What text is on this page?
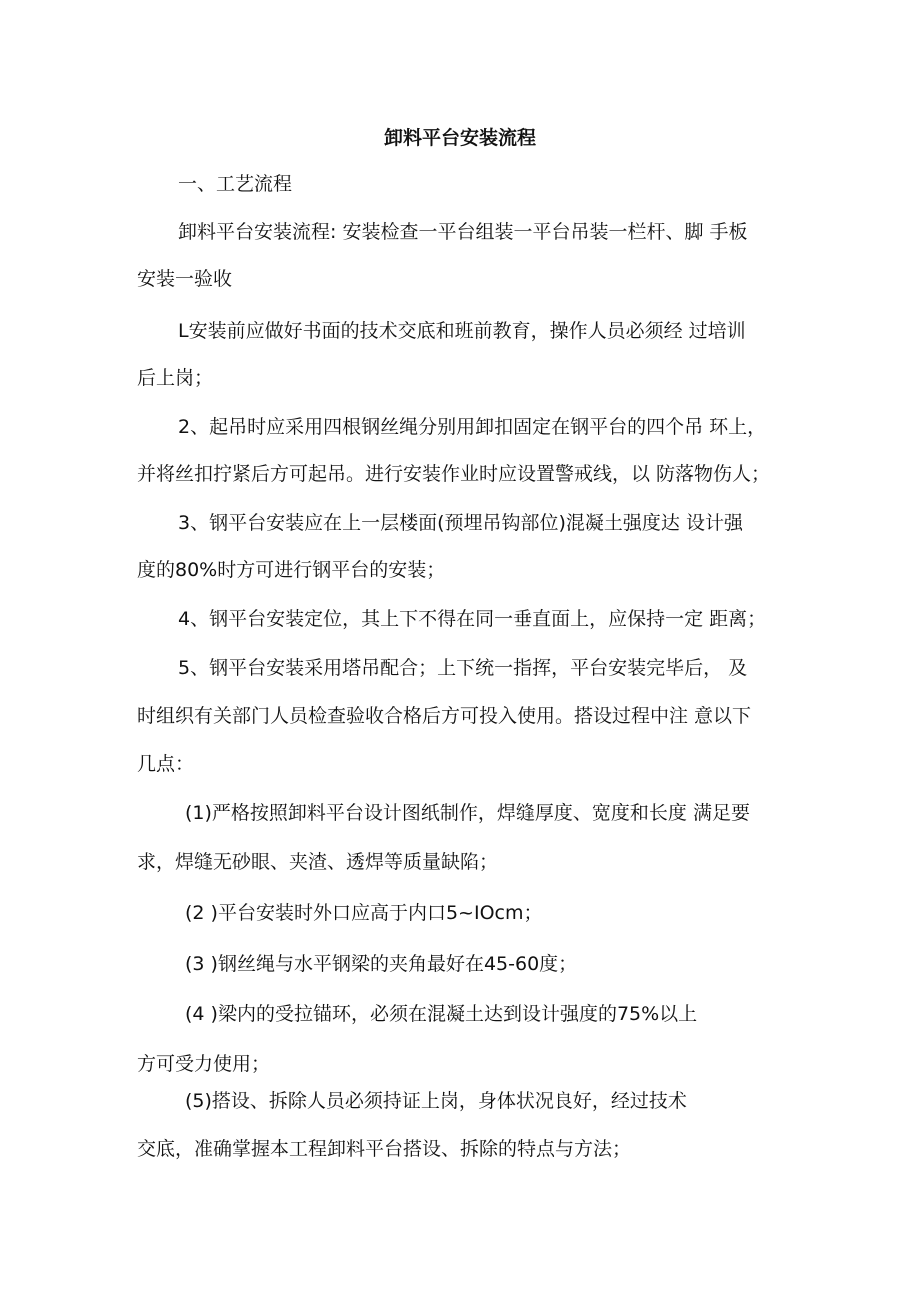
卸料平台安装流程

一、工艺流程

卸料平台安装流程: 安装检查一平台组装一平台吊装一栏杆、脚 手板

安装一验收

L安装前应做好书面的技术交底和班前教育，操作人员必须经 过培训

后上岗；

2、起吊时应采用四根钢丝绳分别用卸扣固定在钢平台的四个吊 环上，

并将丝扣拧紧后方可起吊。进行安装作业时应设置警戒线，以 防落物伤人；

3、钢平台安装应在上一层楼面(预埋吊钩部位)混凝土强度达 设计强

度的80%时方可进行钢平台的安装；

4、钢平台安装定位，其上下不得在同一垂直面上，应保持一定 距离；

5、钢平台安装采用塔吊配合；上下统一指挥，平台安装完毕后， 及

时组织有关部门人员检查验收合格后方可投入使用。搭设过程中注 意以下

几点：

(1)严格按照卸料平台设计图纸制作，焊缝厚度、宽度和长度 满足要

求，焊缝无砂眼、夹渣、透焊等质量缺陷；

(2 )平台安装时外口应高于内口5~IOcm；

(3 )钢丝绳与水平钢梁的夹角最好在45-60度；

(4 )梁内的受拉锚环，必须在混凝土达到设计强度的75%以上

方可受力使用；

(5)搭设、拆除人员必须持证上岗，身体状况良好，经过技术

交底，准确掌握本工程卸料平台搭设、拆除的特点与方法；
